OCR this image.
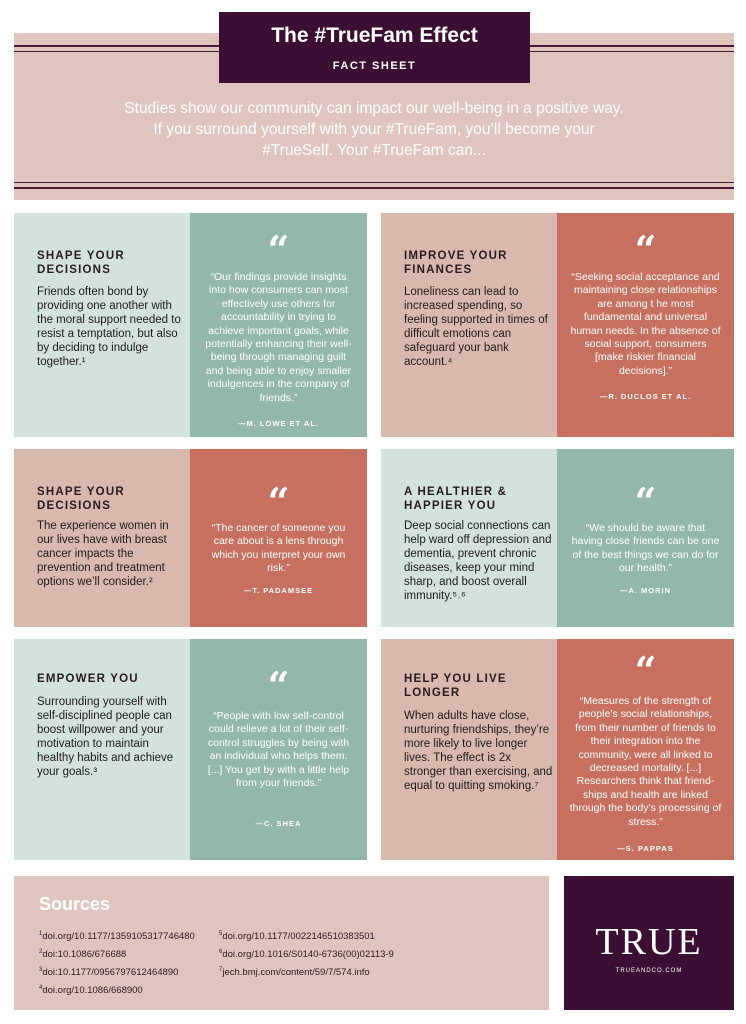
The #TrueFam Effect
FACT SHEET
Studies show our community can impact our well-being in a positive way. If you surround yourself with your #TrueFam, you’ll become your #TrueSelf. Your #TrueFam can...
SHAPE YOUR DECISIONS
Friends often bond by providing one another with the moral support needed to resist a temptation, but also by deciding to indulge together.¹
“
“Our findings provide insights into how consumers can most effectively use others for accountability in trying to achieve important goals, while potentially enhancing their well-being through managing guilt and being able to enjoy smaller indulgences in the company of friends.”
—M. LOWE ET AL.
IMPROVE YOUR FINANCES
Loneliness can lead to increased spending, so feeling supported in times of difficult emotions can safeguard your bank account.⁴
“
“Seeking social acceptance and maintaining close relationships are among t he most fundamental and universal human needs. In the absence of social support, consumers [make riskier financial decisions].”
—R. DUCLOS ET AL.
SHAPE YOUR DECISIONS
The experience women in our lives have with breast cancer impacts the prevention and treatment options we’ll consider.²
“
“The cancer of someone you care about is a lens through which you interpret your own risk.”
—T. PADAMSEE
A HEALTHIER & HAPPIER YOU
Deep social connections can help ward off depression and dementia, prevent chronic diseases, keep your mind sharp, and boost overall immunity.⁵˒⁶
“
“We should be aware that having close friends can be one of the best things we can do for our health.”
—A. MORIN
EMPOWER YOU
Surrounding yourself with self-disciplined people can boost willpower and your motivation to maintain healthy habits and achieve your goals.³
“
“People with low self-control could relieve a lot of their self-control struggles by being with an individual who helps them. [...] You get by with a little help from your friends.”
—C. SHEA
HELP YOU LIVE LONGER
When adults have close, nurturing friendships, they’re more likely to live longer lives. The effect is 2x stronger than exercising, and equal to quitting smoking.⁷
“
“Measures of the strength of people’s social relationships, from their number of friends to their integration into the community, were all linked to decreased mortality. [...] Researchers think that friend-ships and health are linked through the body’s processing of stress.”
—S. PAPPAS
Sources
$^1$doi.org/10.1177/1359105317746480
$^2$doi:10.1086/676688
$^3$doi:10.1177/0956797612464890
$^4$doi.org/10.1086/668900
$^5$doi.org/10.1177/0022146510383501
$^6$doi.org/10.1016/S0140-6736(00)02113-9
$^7$jech.bmj.com/content/59/7/574.info
TRUE
TRUEANDCO.COM
